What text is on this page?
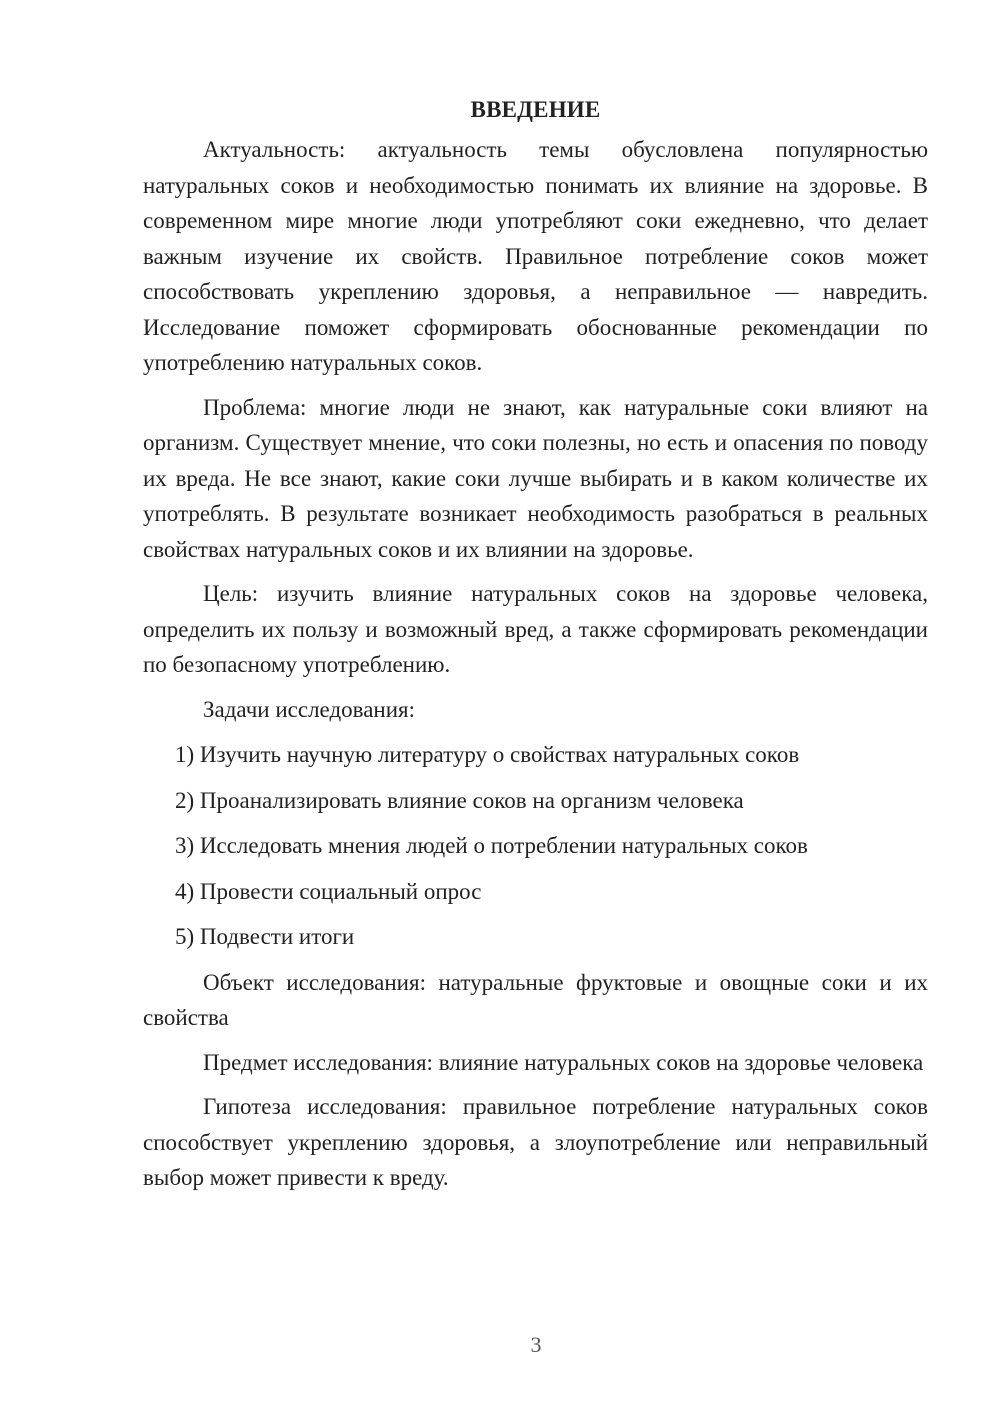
ВВЕДЕНИЕ

Актуальность: актуальность темы обусловлена популярностью натуральных соков и необходимостью понимать их влияние на здоровье. В современном мире многие люди употребляют соки ежедневно, что делает важным изучение их свойств. Правильное потребление соков может способствовать укреплению здоровья, а неправильное — навредить. Исследование поможет сформировать обоснованные рекомендации по употреблению натуральных соков.

Проблема: многие люди не знают, как натуральные соки влияют на организм. Существует мнение, что соки полезны, но есть и опасения по поводу их вреда. Не все знают, какие соки лучше выбирать и в каком количестве их употреблять. В результате возникает необходимость разобраться в реальных свойствах натуральных соков и их влиянии на здоровье.

Цель: изучить влияние натуральных соков на здоровье человека, определить их пользу и возможный вред, а также сформировать рекомендации по безопасному употреблению.

Задачи исследования:

1) Изучить научную литературу о свойствах натуральных соков

2) Проанализировать влияние соков на организм человека

3) Исследовать мнения людей о потреблении натуральных соков

4) Провести социальный опрос

5) Подвести итоги

Объект исследования: натуральные фруктовые и овощные соки и их свойства

Предмет исследования: влияние натуральных соков на здоровье человека

Гипотеза исследования: правильное потребление натуральных соков способствует укреплению здоровья, а злоупотребление или неправильный выбор может привести к вреду.

3
